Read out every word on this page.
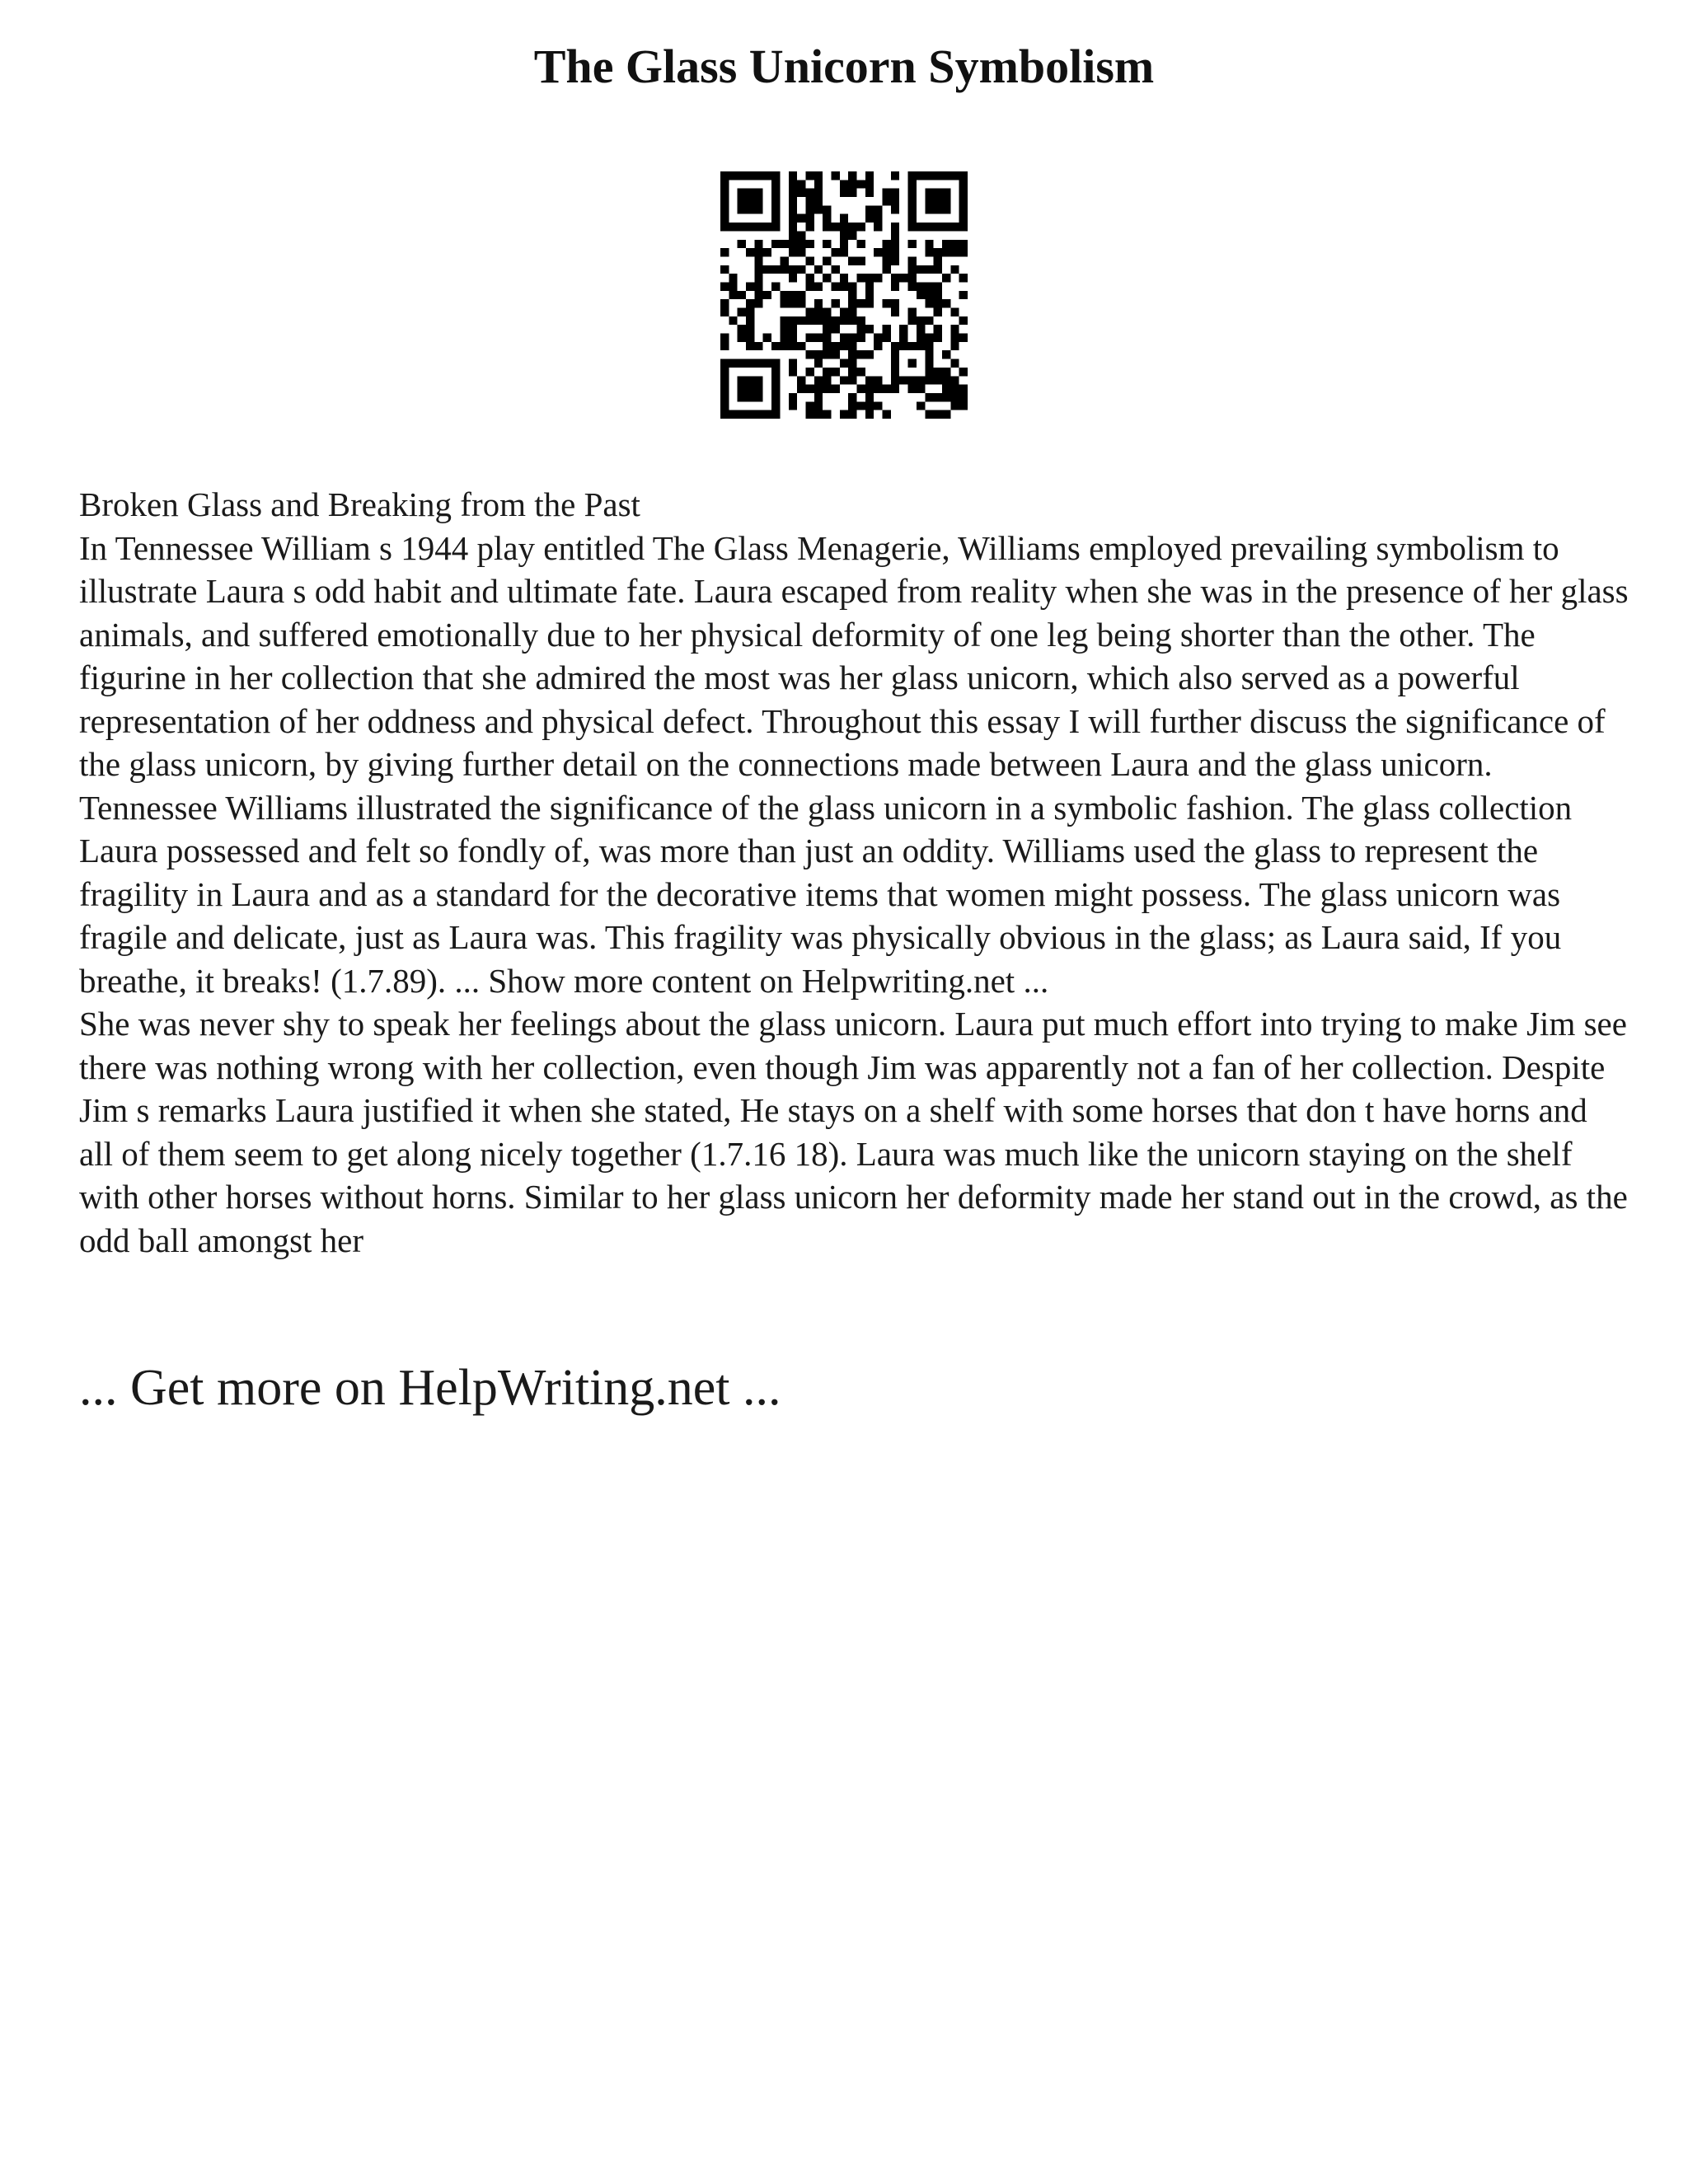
The Glass Unicorn Symbolism

Broken Glass and Breaking from the Past

In Tennessee William s 1944 play entitled The Glass Menagerie, Williams employed prevailing symbolism to illustrate Laura s odd habit and ultimate fate. Laura escaped from reality when she was in the presence of her glass animals, and suffered emotionally due to her physical deformity of one leg being shorter than the other. The figurine in her collection that she admired the most was her glass unicorn, which also served as a powerful representation of her oddness and physical defect. Throughout this essay I will further discuss the significance of the glass unicorn, by giving further detail on the connections made between Laura and the glass unicorn. Tennessee Williams illustrated the significance of the glass unicorn in a symbolic fashion. The glass collection Laura possessed and felt so fondly of, was more than just an oddity. Williams used the glass to represent the fragility in Laura and as a standard for the decorative items that women might possess. The glass unicorn was fragile and delicate, just as Laura was. This fragility was physically obvious in the glass; as Laura said, If you breathe, it breaks! (1.7.89). ... Show more content on Helpwriting.net ...

She was never shy to speak her feelings about the glass unicorn. Laura put much effort into trying to make Jim see there was nothing wrong with her collection, even though Jim was apparently not a fan of her collection. Despite Jim s remarks Laura justified it when she stated, He stays on a shelf with some horses that don t have horns and all of them seem to get along nicely together (1.7.16 18). Laura was much like the unicorn staying on the shelf with other horses without horns. Similar to her glass unicorn her deformity made her stand out in the crowd, as the odd ball amongst her

... Get more on HelpWriting.net ...
